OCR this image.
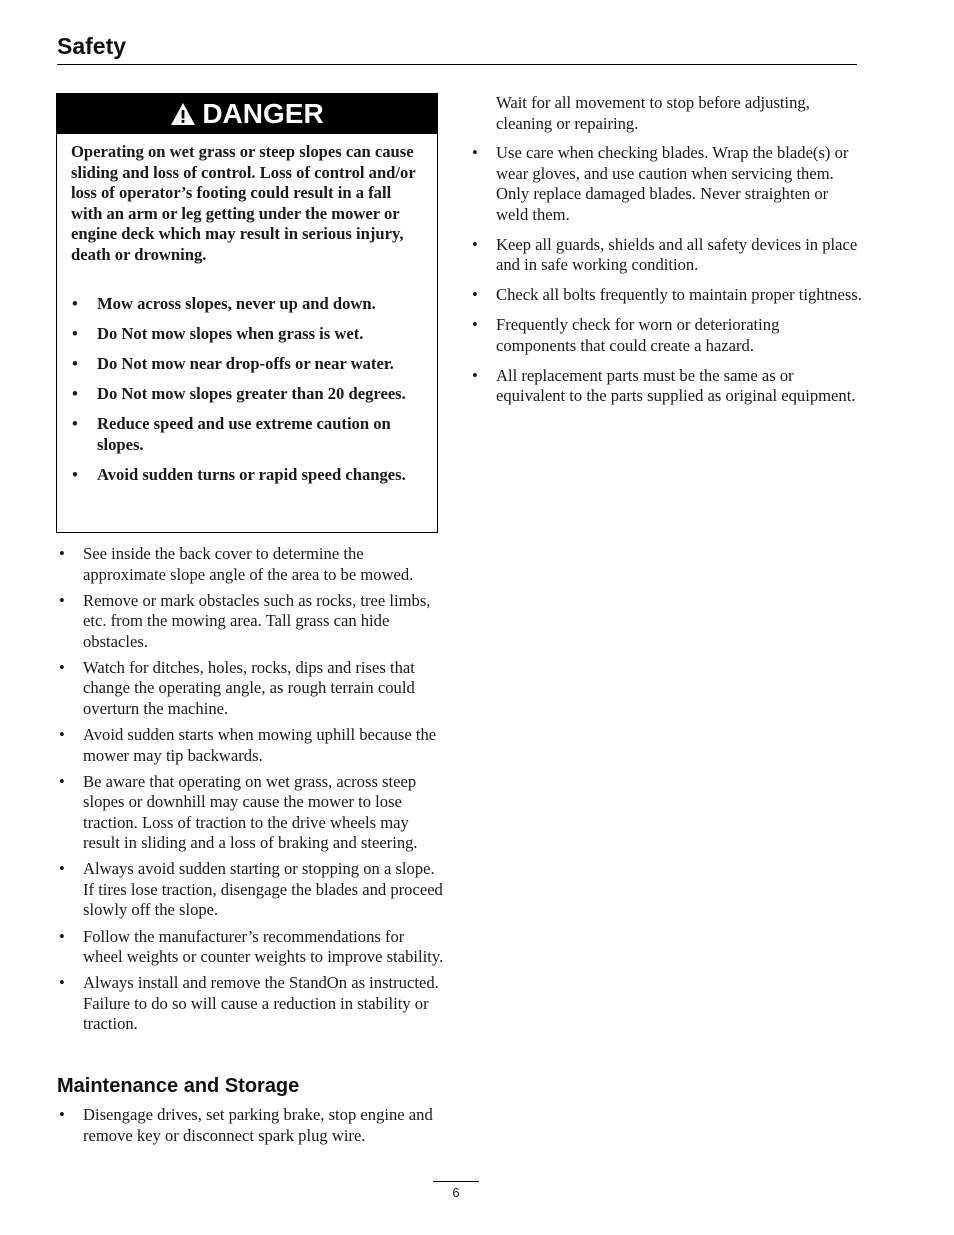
Safety
DANGER
Operating on wet grass or steep slopes can cause sliding and loss of control. Loss of control and/or loss of operator’s footing could result in a fall with an arm or leg getting under the mower or engine deck which may result in serious injury, death or drowning.
• Mow across slopes, never up and down.
• Do Not mow slopes when grass is wet.
• Do Not mow near drop-offs or near water.
• Do Not mow slopes greater than 20 degrees.
• Reduce speed and use extreme caution on slopes.
• Avoid sudden turns or rapid speed changes.
• See inside the back cover to determine the approximate slope angle of the area to be mowed.
• Remove or mark obstacles such as rocks, tree limbs, etc. from the mowing area. Tall grass can hide obstacles.
• Watch for ditches, holes, rocks, dips and rises that change the operating angle, as rough terrain could overturn the machine.
• Avoid sudden starts when mowing uphill because the mower may tip backwards.
• Be aware that operating on wet grass, across steep slopes or downhill may cause the mower to lose traction. Loss of traction to the drive wheels may result in sliding and a loss of braking and steering.
• Always avoid sudden starting or stopping on a slope. If tires lose traction, disengage the blades and proceed slowly off the slope.
• Follow the manufacturer’s recommendations for wheel weights or counter weights to improve stability.
• Always install and remove the StandOn as instructed. Failure to do so will cause a reduction in stability or traction.
Maintenance and Storage
• Disengage drives, set parking brake, stop engine and remove key or disconnect spark plug wire.
Wait for all movement to stop before adjusting, cleaning or repairing.
• Use care when checking blades. Wrap the blade(s) or wear gloves, and use caution when servicing them. Only replace damaged blades. Never straighten or weld them.
• Keep all guards, shields and all safety devices in place and in safe working condition.
• Check all bolts frequently to maintain proper tightness.
• Frequently check for worn or deteriorating components that could create a hazard.
• All replacement parts must be the same as or equivalent to the parts supplied as original equipment.
6
